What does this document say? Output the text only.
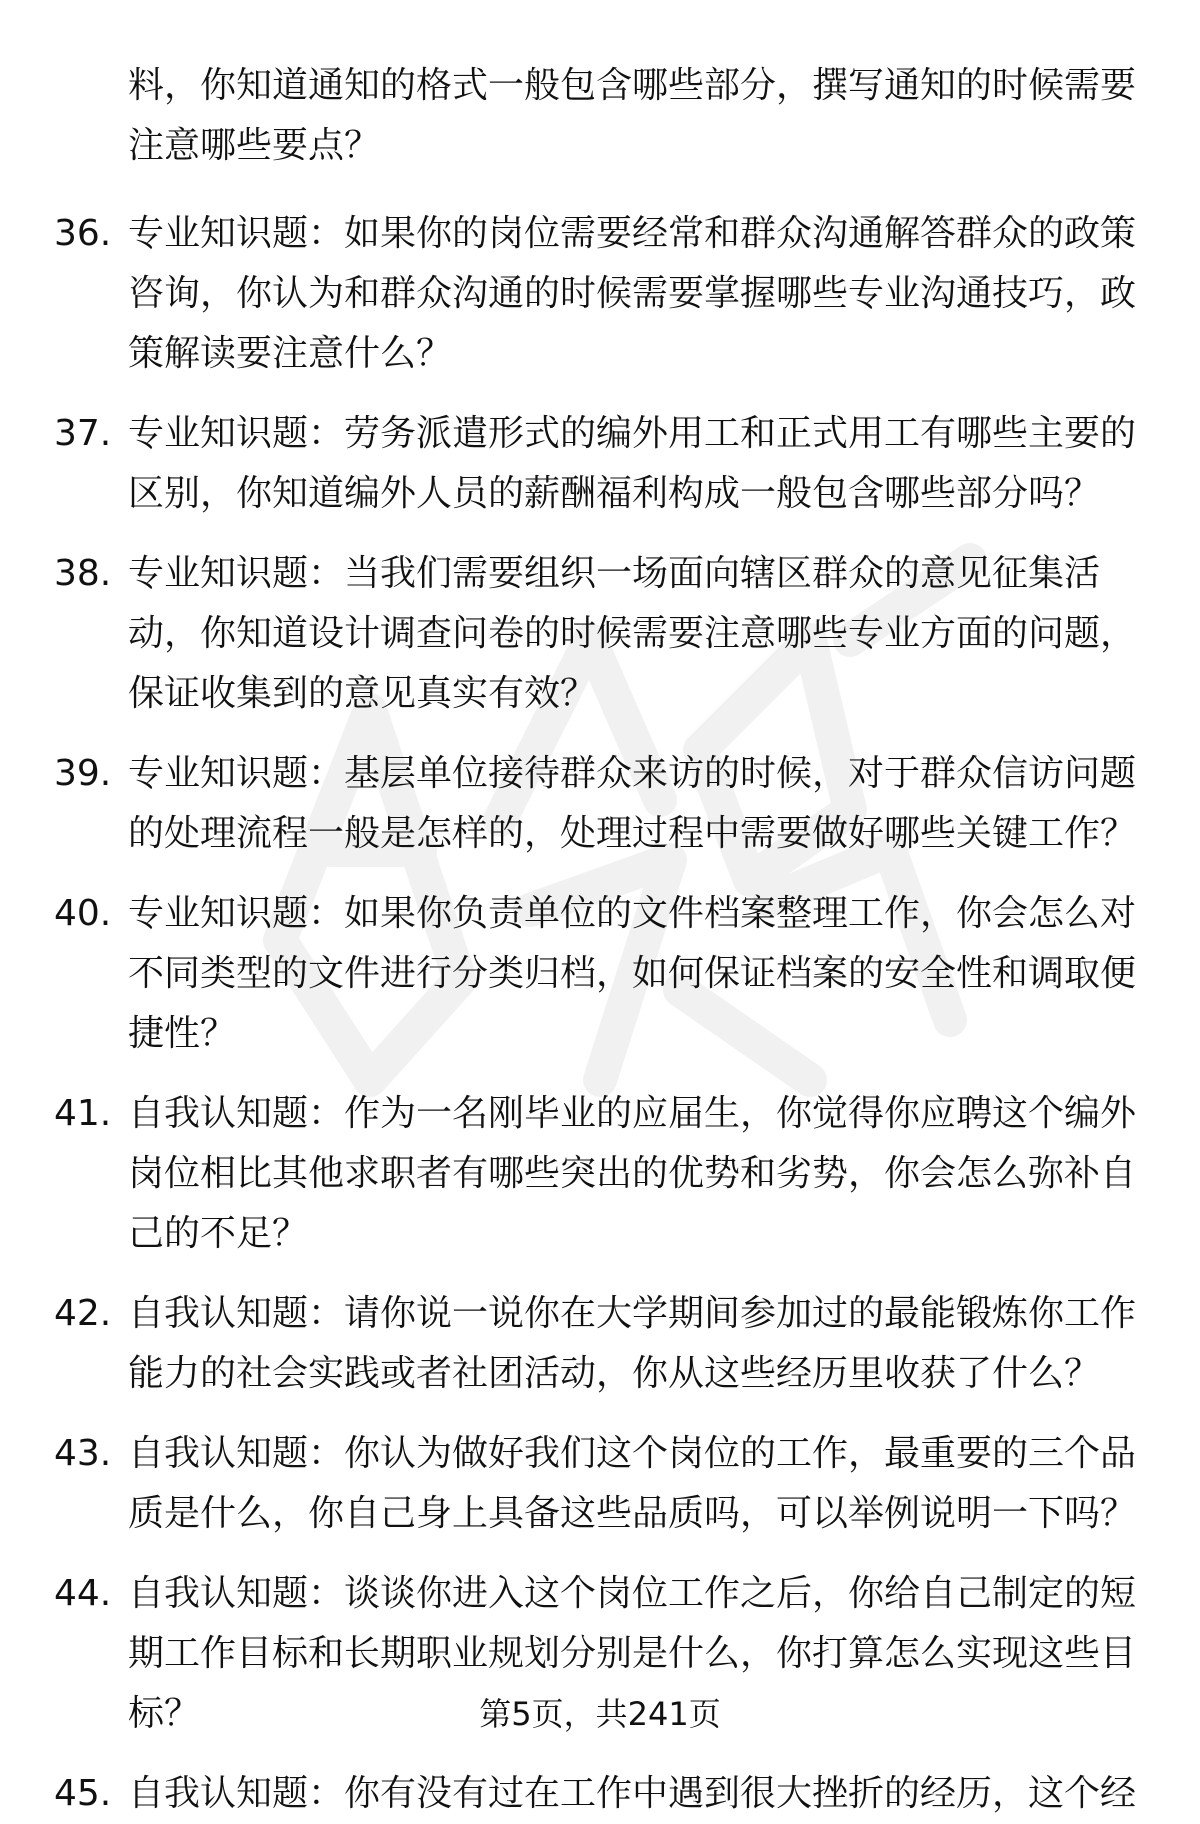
料，你知道通知的格式一般包含哪些部分，撰写通知的时候需要注意哪些要点？
36. 专业知识题：如果你的岗位需要经常和群众沟通解答群众的政策咨询，你认为和群众沟通的时候需要掌握哪些专业沟通技巧，政策解读要注意什么？
37. 专业知识题：劳务派遣形式的编外用工和正式用工有哪些主要的区别，你知道编外人员的薪酬福利构成一般包含哪些部分吗？
38. 专业知识题：当我们需要组织一场面向辖区群众的意见征集活动，你知道设计调查问卷的时候需要注意哪些专业方面的问题，保证收集到的意见真实有效？
39. 专业知识题：基层单位接待群众来访的时候，对于群众信访问题的处理流程一般是怎样的，处理过程中需要做好哪些关键工作？
40. 专业知识题：如果你负责单位的文件档案整理工作，你会怎么对不同类型的文件进行分类归档，如何保证档案的安全性和调取便捷性？
41. 自我认知题：作为一名刚毕业的应届生，你觉得你应聘这个编外岗位相比其他求职者有哪些突出的优势和劣势，你会怎么弥补自己的不足？
42. 自我认知题：请你说一说你在大学期间参加过的最能锻炼你工作能力的社会实践或者社团活动，你从这些经历里收获了什么？
43. 自我认知题：你认为做好我们这个岗位的工作，最重要的三个品质是什么，你自己身上具备这些品质吗，可以举例说明一下吗？
44. 自我认知题：谈谈你进入这个岗位工作之后，你给自己制定的短期工作目标和长期职业规划分别是什么，你打算怎么实现这些目标？
45. 自我认知题：你有没有过在工作中遇到很大挫折的经历，这个经
第5页，共241页
